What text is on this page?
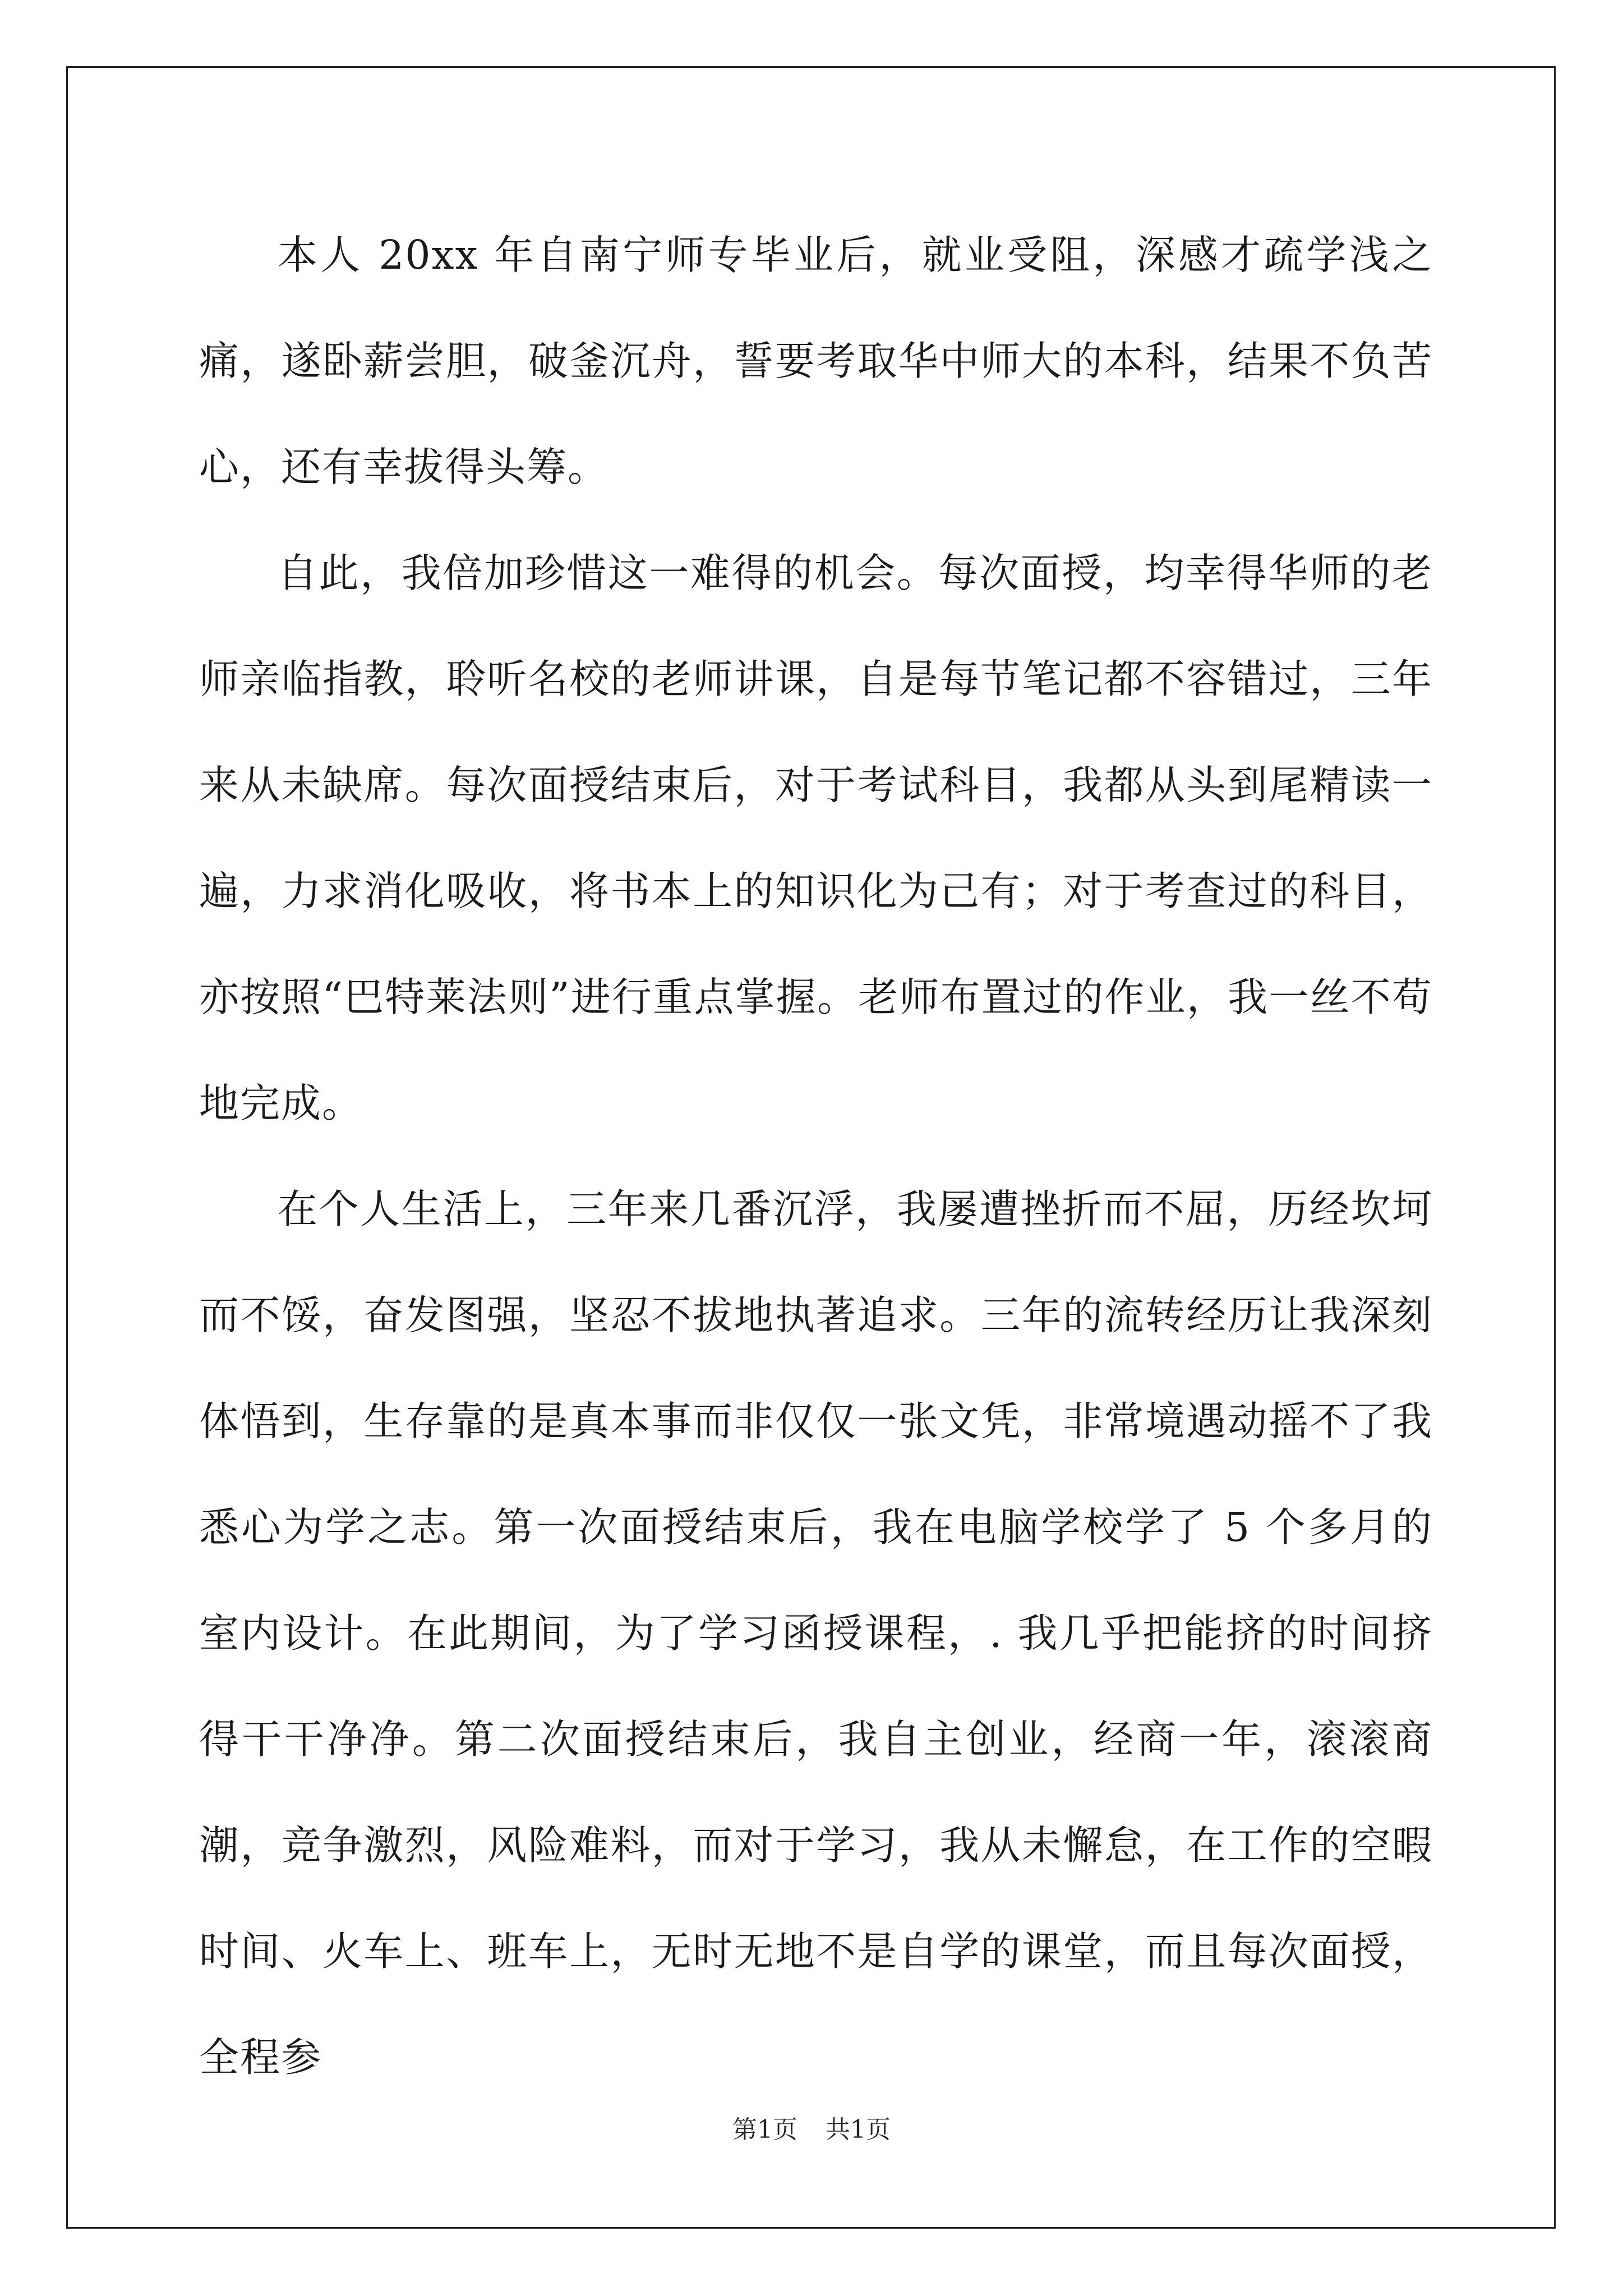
本人 20xx 年自南宁师专毕业后，就业受阻，深感才疏学浅之痛，遂卧薪尝胆，破釜沉舟，誓要考取华中师大的本科，结果不负苦心，还有幸拔得头筹。

自此，我倍加珍惜这一难得的机会。每次面授，均幸得华师的老师亲临指教，聆听名校的老师讲课，自是每节笔记都不容错过，三年来从未缺席。每次面授结束后，对于考试科目，我都从头到尾精读一遍，力求消化吸收，将书本上的知识化为己有；对于考查过的科目，亦按照“巴特莱法则”进行重点掌握。老师布置过的作业，我一丝不苟地完成。

在个人生活上，三年来几番沉浮，我屡遭挫折而不屈，历经坎坷而不馁，奋发图强，坚忍不拔地执著追求。三年的流转经历让我深刻体悟到，生存靠的是真本事而非仅仅一张文凭，非常境遇动摇不了我悉心为学之志。第一次面授结束后，我在电脑学校学了 5 个多月的室内设计。在此期间，为了学习函授课程，. 我几乎把能挤的时间挤得干干净净。第二次面授结束后，我自主创业，经商一年，滚滚商潮，竞争激烈，风险难料，而对于学习，我从未懈怠，在工作的空暇时间、火车上、班车上，无时无地不是自学的课堂，而且每次面授，全程参

第1页 共1页
